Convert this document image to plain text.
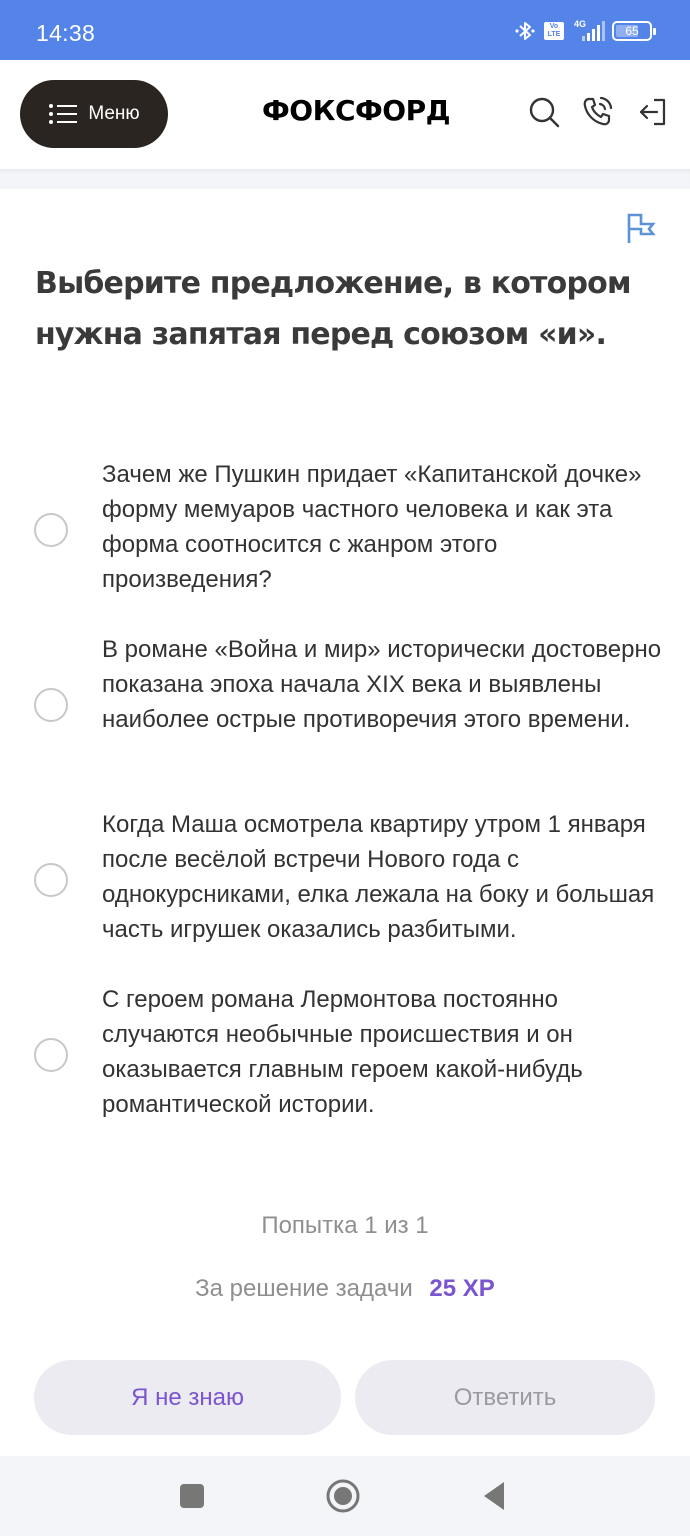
14:38	Vo
LTE
4G	65
Меню	ФОКСФОРД
Выберите предложение, в котором нужна запятая перед союзом «и».
Зачем же Пушкин придает «Капитанской дочке» форму мемуаров частного человека и как эта форма соотносится с жанром этого произведения?
В романе «Война и мир» исторически достоверно показана эпоха начала XIX века и выявлены наиболее острые противоречия этого времени.
Когда Маша осмотрела квартиру утром 1 января после весёлой встречи Нового года с однокурсниками, елка лежала на боку и большая часть игрушек оказались разбитыми.
С героем романа Лермонтова постоянно случаются необычные происшествия и он оказывается главным героем какой-нибудь романтической истории.
Попытка 1 из 1
За решение задачи 25 XP
Я не знаю	Ответить
